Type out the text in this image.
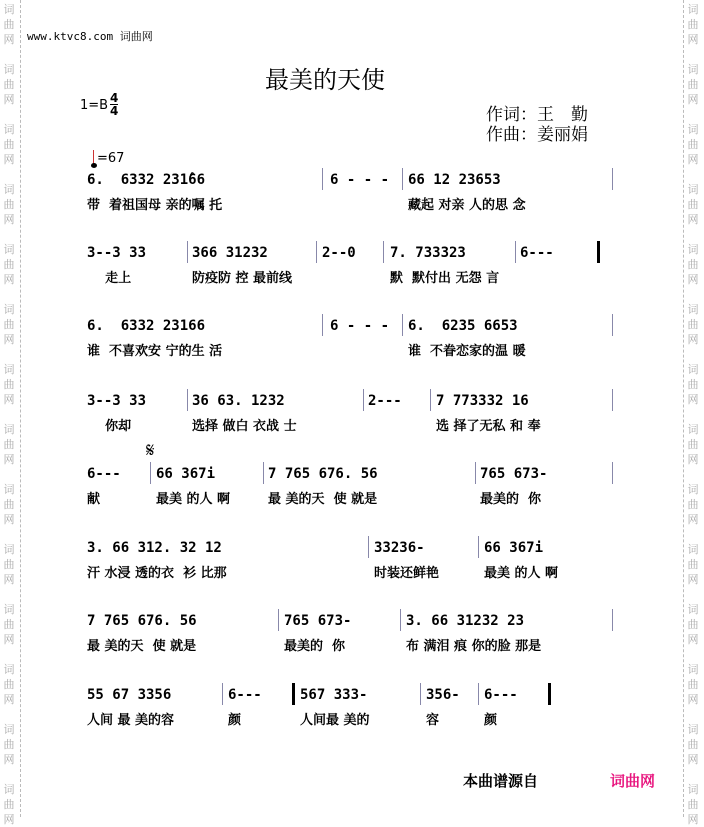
词曲网
词曲网
词曲网
词曲网
词曲网
词曲网
词曲网
词曲网
词曲网
词曲网
词曲网
词曲网
词曲网
词曲网
词曲网
词曲网
词曲网
词曲网
词曲网
词曲网
词曲网
词曲网
词曲网
词曲网
词曲网
词曲网
词曲网
词曲网
www.ktvc8.com 词曲网
最美的天使
1=B 4
4	作词：王　勤
作曲：姜丽娟
=67
𝄋
6.  6332 231̂66
带  着祖国母 亲的嘱 托
6 - - - 66 12 23653
藏起 对亲 人的思 念
3--3 33
走上
366 31232
防疫防 控 最前线
2--0 7. 733323
默  默付出 无怨 言
6---
6.  6332 23166
谁  不喜欢安 宁的生 活
6 - - - 6.  6235 6653
谁  不眷恋家的温 暖
3--3 33
你却
36 63. 1232
选择 做白 衣战 士
2--- 7 773332 16
选 择了无私 和 奉
6---
献
66 367i
最美 的人 啊
7 765 676. 56
最 美的天  使 就是
765 673-
最美的  你
3. 66 312. 32 12
汗 水浸 透的衣  衫 比那
33236-
时装还鲜艳
66 367i
最美 的人 啊
7 765 676. 56
最 美的天  使 就是
765 673-
最美的  你
3. 66 31232 23
布 满泪 痕 你的脸 那是
55 67 3356
人间 最 美的容
6---
颜
567 333-
人间最 美的
356-
容
6---
颜
本曲谱源自	词曲网
